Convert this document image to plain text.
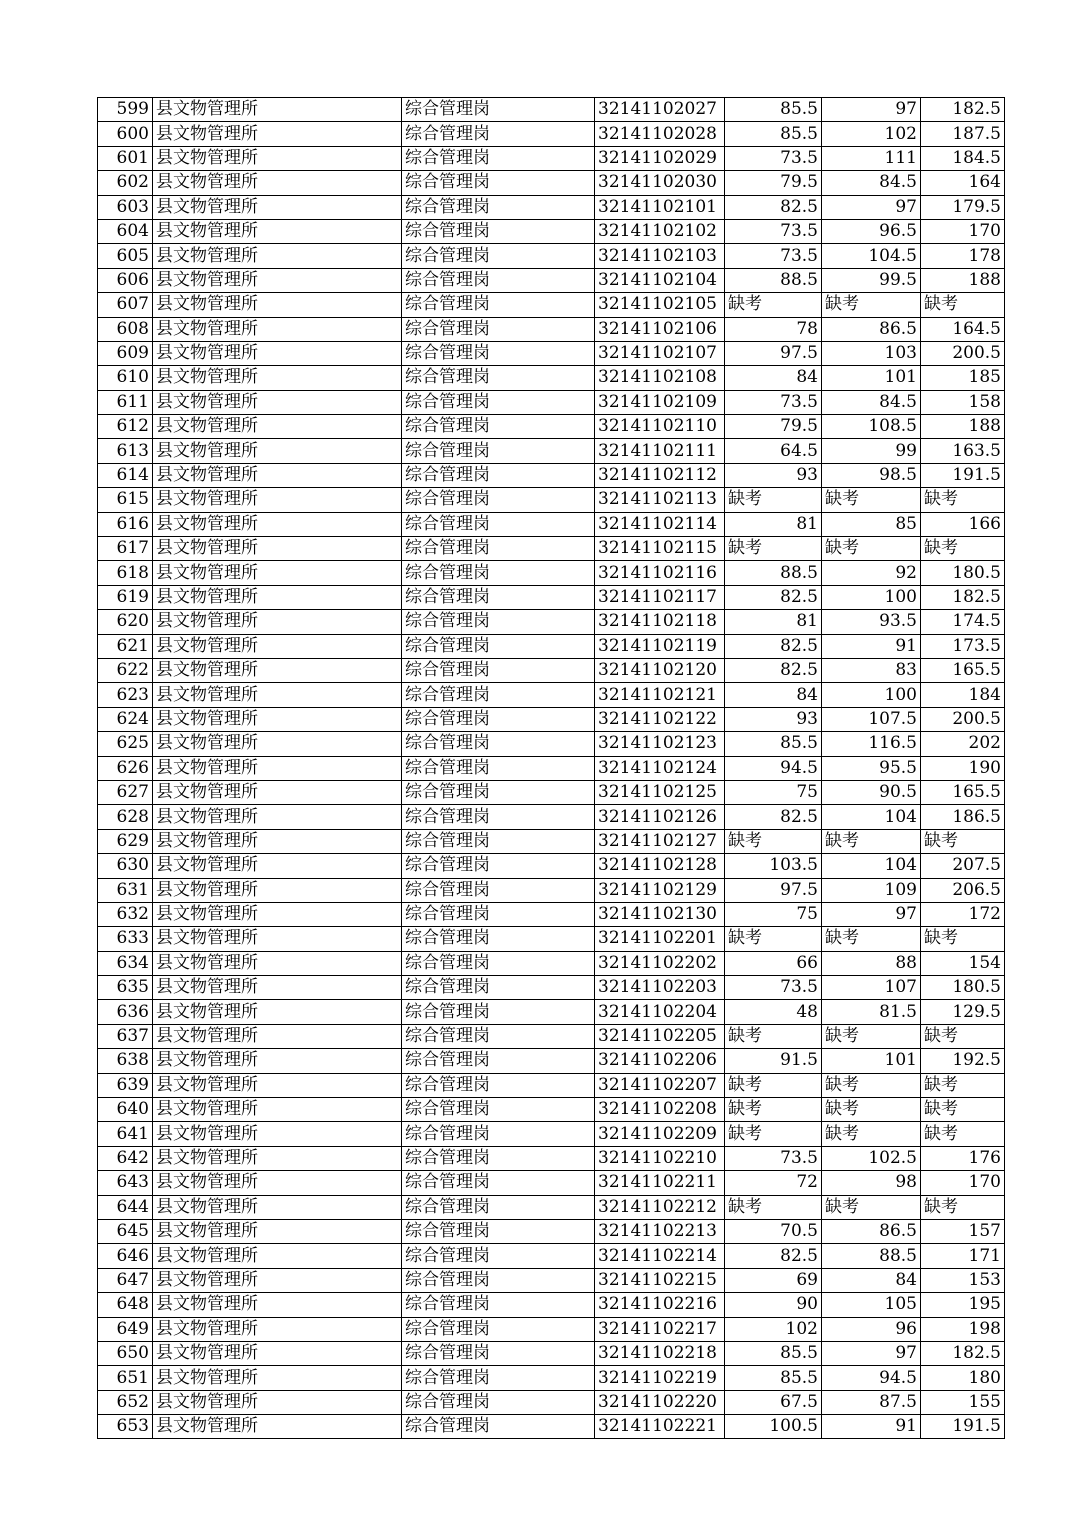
599	县文物管理所	综合管理岗	32141102027	85.5	97	182.5
600	县文物管理所	综合管理岗	32141102028	85.5	102	187.5
601	县文物管理所	综合管理岗	32141102029	73.5	111	184.5
602	县文物管理所	综合管理岗	32141102030	79.5	84.5	164
603	县文物管理所	综合管理岗	32141102101	82.5	97	179.5
604	县文物管理所	综合管理岗	32141102102	73.5	96.5	170
605	县文物管理所	综合管理岗	32141102103	73.5	104.5	178
606	县文物管理所	综合管理岗	32141102104	88.5	99.5	188
607	县文物管理所	综合管理岗	32141102105	缺考	缺考	缺考
608	县文物管理所	综合管理岗	32141102106	78	86.5	164.5
609	县文物管理所	综合管理岗	32141102107	97.5	103	200.5
610	县文物管理所	综合管理岗	32141102108	84	101	185
611	县文物管理所	综合管理岗	32141102109	73.5	84.5	158
612	县文物管理所	综合管理岗	32141102110	79.5	108.5	188
613	县文物管理所	综合管理岗	32141102111	64.5	99	163.5
614	县文物管理所	综合管理岗	32141102112	93	98.5	191.5
615	县文物管理所	综合管理岗	32141102113	缺考	缺考	缺考
616	县文物管理所	综合管理岗	32141102114	81	85	166
617	县文物管理所	综合管理岗	32141102115	缺考	缺考	缺考
618	县文物管理所	综合管理岗	32141102116	88.5	92	180.5
619	县文物管理所	综合管理岗	32141102117	82.5	100	182.5
620	县文物管理所	综合管理岗	32141102118	81	93.5	174.5
621	县文物管理所	综合管理岗	32141102119	82.5	91	173.5
622	县文物管理所	综合管理岗	32141102120	82.5	83	165.5
623	县文物管理所	综合管理岗	32141102121	84	100	184
624	县文物管理所	综合管理岗	32141102122	93	107.5	200.5
625	县文物管理所	综合管理岗	32141102123	85.5	116.5	202
626	县文物管理所	综合管理岗	32141102124	94.5	95.5	190
627	县文物管理所	综合管理岗	32141102125	75	90.5	165.5
628	县文物管理所	综合管理岗	32141102126	82.5	104	186.5
629	县文物管理所	综合管理岗	32141102127	缺考	缺考	缺考
630	县文物管理所	综合管理岗	32141102128	103.5	104	207.5
631	县文物管理所	综合管理岗	32141102129	97.5	109	206.5
632	县文物管理所	综合管理岗	32141102130	75	97	172
633	县文物管理所	综合管理岗	32141102201	缺考	缺考	缺考
634	县文物管理所	综合管理岗	32141102202	66	88	154
635	县文物管理所	综合管理岗	32141102203	73.5	107	180.5
636	县文物管理所	综合管理岗	32141102204	48	81.5	129.5
637	县文物管理所	综合管理岗	32141102205	缺考	缺考	缺考
638	县文物管理所	综合管理岗	32141102206	91.5	101	192.5
639	县文物管理所	综合管理岗	32141102207	缺考	缺考	缺考
640	县文物管理所	综合管理岗	32141102208	缺考	缺考	缺考
641	县文物管理所	综合管理岗	32141102209	缺考	缺考	缺考
642	县文物管理所	综合管理岗	32141102210	73.5	102.5	176
643	县文物管理所	综合管理岗	32141102211	72	98	170
644	县文物管理所	综合管理岗	32141102212	缺考	缺考	缺考
645	县文物管理所	综合管理岗	32141102213	70.5	86.5	157
646	县文物管理所	综合管理岗	32141102214	82.5	88.5	171
647	县文物管理所	综合管理岗	32141102215	69	84	153
648	县文物管理所	综合管理岗	32141102216	90	105	195
649	县文物管理所	综合管理岗	32141102217	102	96	198
650	县文物管理所	综合管理岗	32141102218	85.5	97	182.5
651	县文物管理所	综合管理岗	32141102219	85.5	94.5	180
652	县文物管理所	综合管理岗	32141102220	67.5	87.5	155
653	县文物管理所	综合管理岗	32141102221	100.5	91	191.5
